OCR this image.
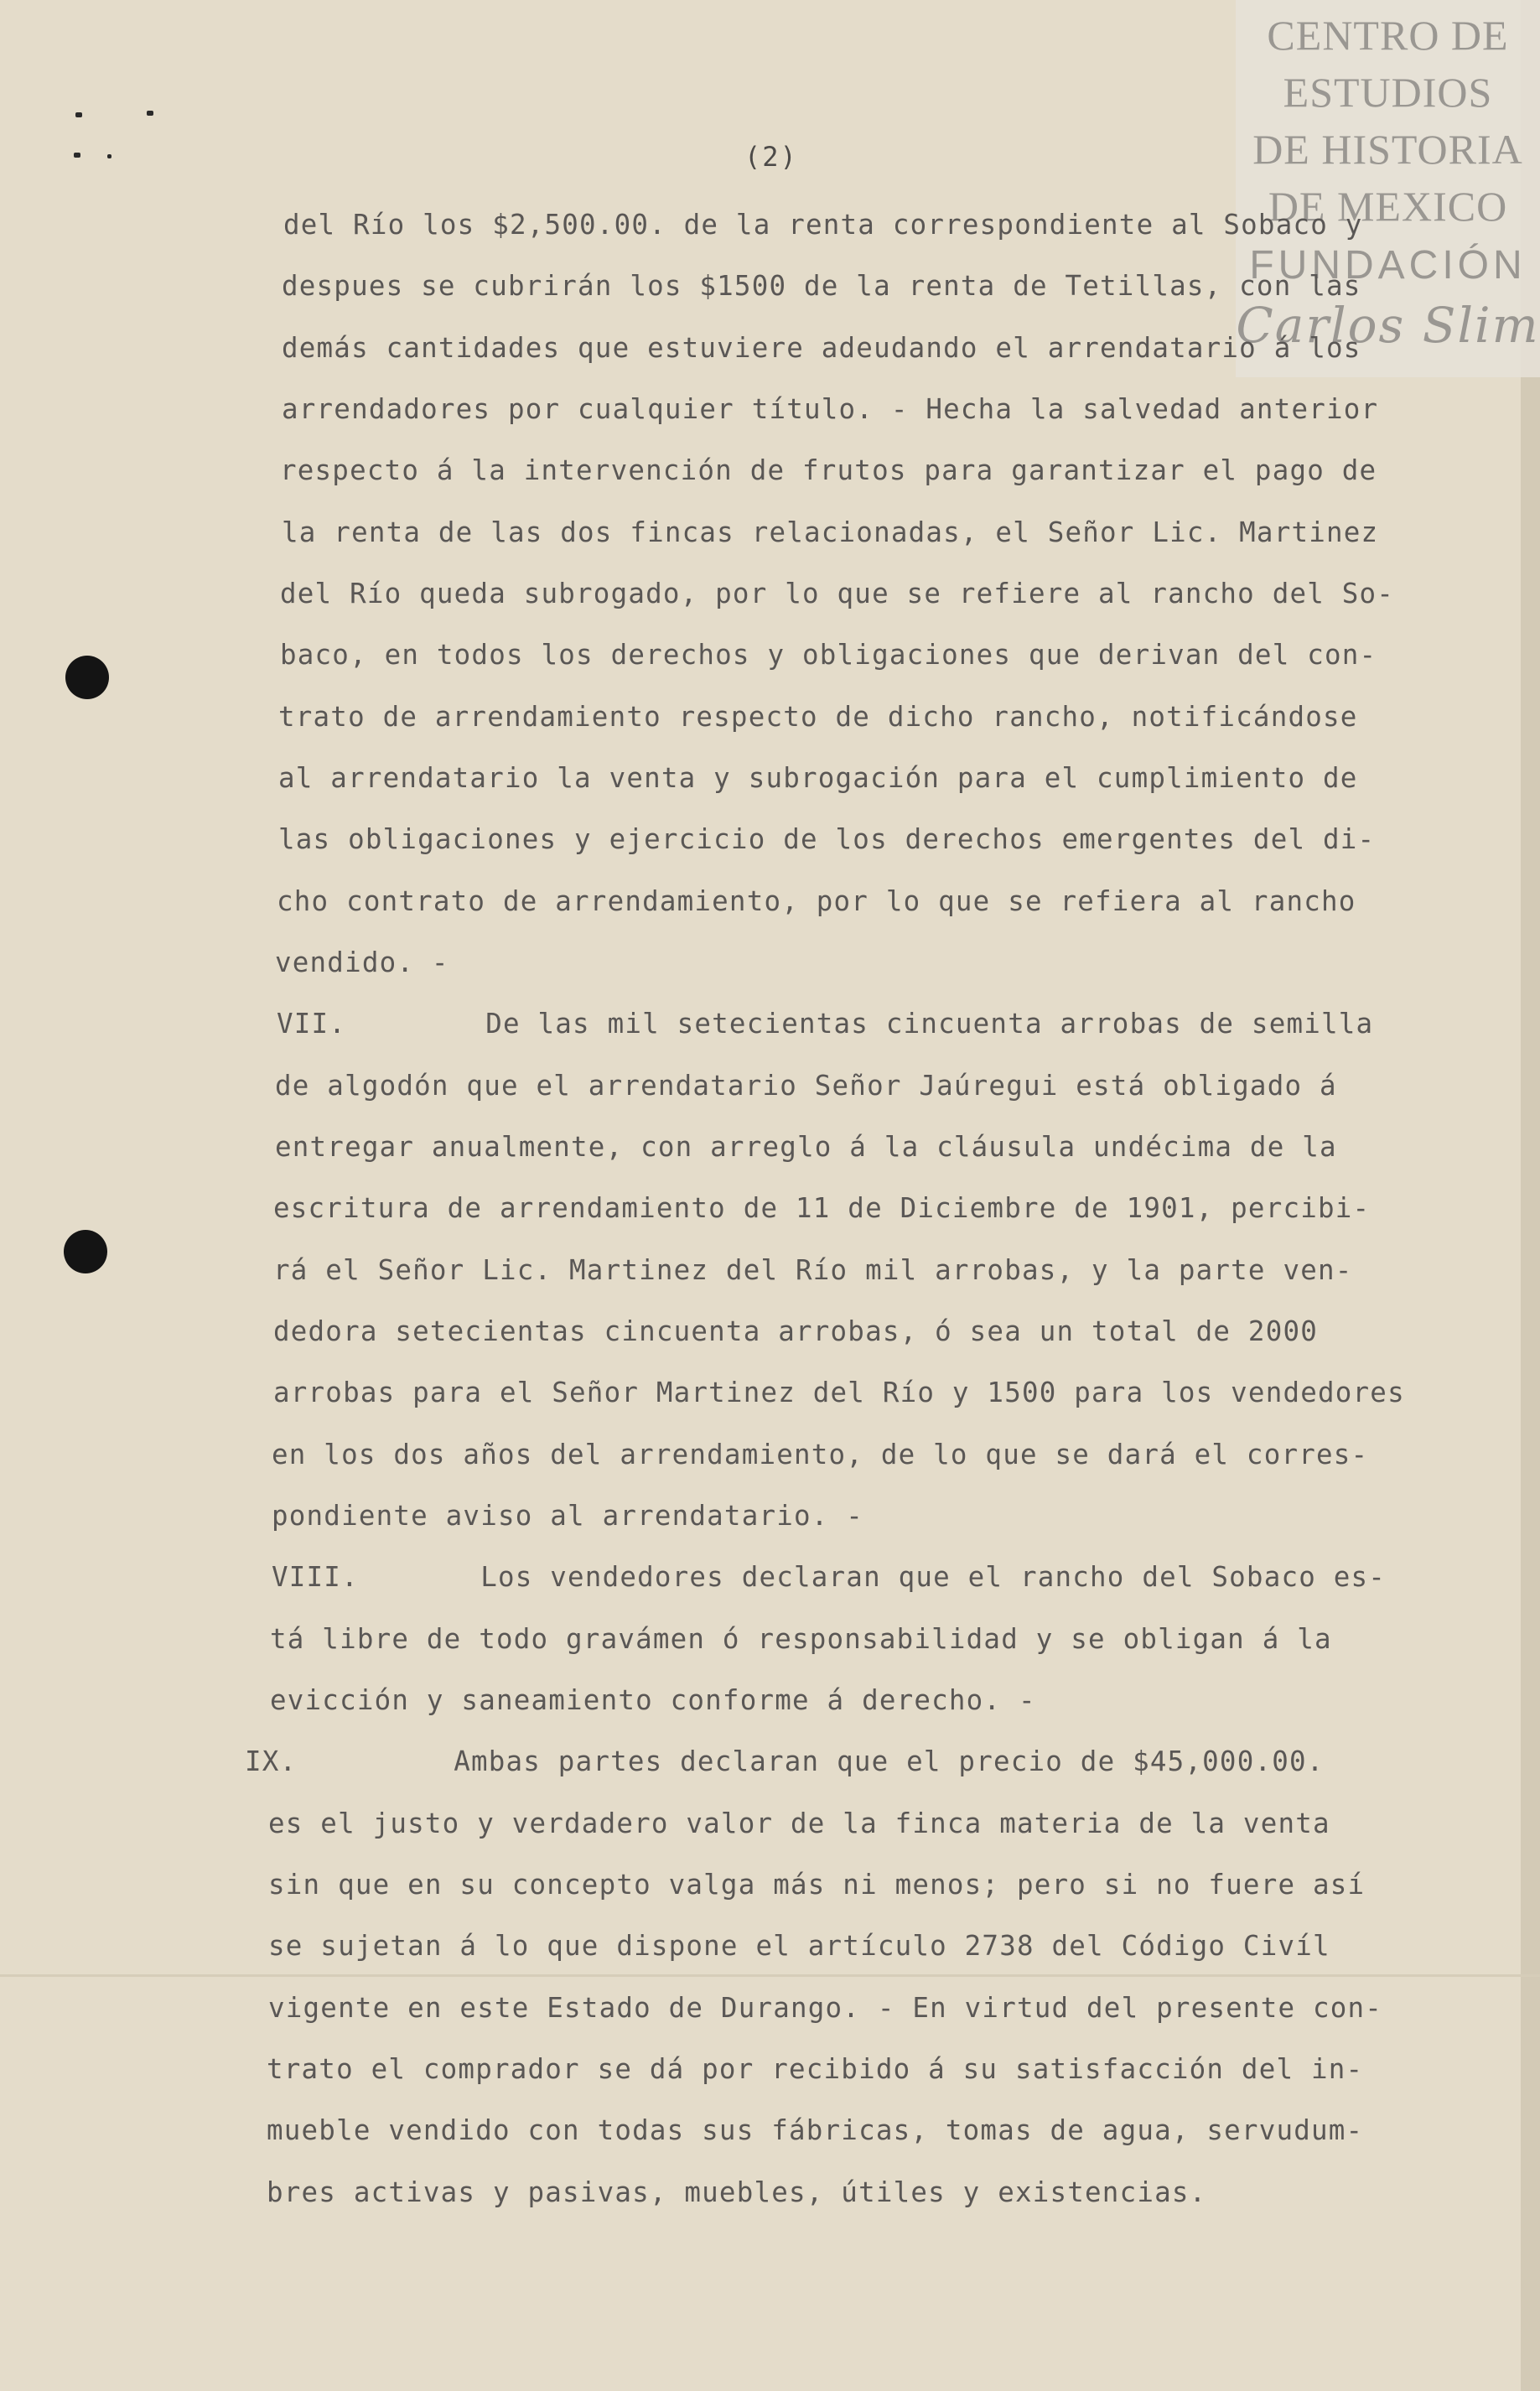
CENTRO DE
ESTUDIOS
DE HISTORIA
DE MEXICO
FUNDACIÓN
Carlos Slim
(2)
del Río los $2,500.00. de la renta correspondiente al Sobaco y
despues se cubrirán los $1500 de la renta de Tetillas, con las
demás cantidades que estuviere adeudando el arrendatario á los
arrendadores por cualquier título. - Hecha la salvedad anterior
respecto á la intervención de frutos para garantizar el pago de
la renta de las dos fincas relacionadas, el Señor Lic. Martinez
del Río queda subrogado, por lo que se refiere al rancho del So-
baco, en todos los derechos y obligaciones que derivan del con-
trato de arrendamiento respecto de dicho rancho, notificándose
al arrendatario la venta y subrogación para el cumplimiento de
las obligaciones y ejercicio de los derechos emergentes del di-
cho contrato de arrendamiento, por lo que se refiera al rancho
vendido. -
VII.        De las mil setecientas cincuenta arrobas de semilla
de algodón que el arrendatario Señor Jaúregui está obligado á
entregar anualmente, con arreglo á la cláusula undécima de la
escritura de arrendamiento de 11 de Diciembre de 1901, percibi-
rá el Señor Lic. Martinez del Río mil arrobas, y la parte ven-
dedora setecientas cincuenta arrobas, ó sea un total de 2000
arrobas para el Señor Martinez del Río y 1500 para los vendedores
en los dos años del arrendamiento, de lo que se dará el corres-
pondiente aviso al arrendatario. -
VIII.       Los vendedores declaran que el rancho del Sobaco es-
tá libre de todo gravámen ó responsabilidad y se obligan á la
evicción y saneamiento conforme á derecho. -
IX.         Ambas partes declaran que el precio de $45,000.00.
es el justo y verdadero valor de la finca materia de la venta
sin que en su concepto valga más ni menos; pero si no fuere así
se sujetan á lo que dispone el artículo 2738 del Código Civíl
vigente en este Estado de Durango. - En virtud del presente con-
trato el comprador se dá por recibido á su satisfacción del in-
mueble vendido con todas sus fábricas, tomas de agua, servudum-
bres activas y pasivas, muebles, útiles y existencias.
